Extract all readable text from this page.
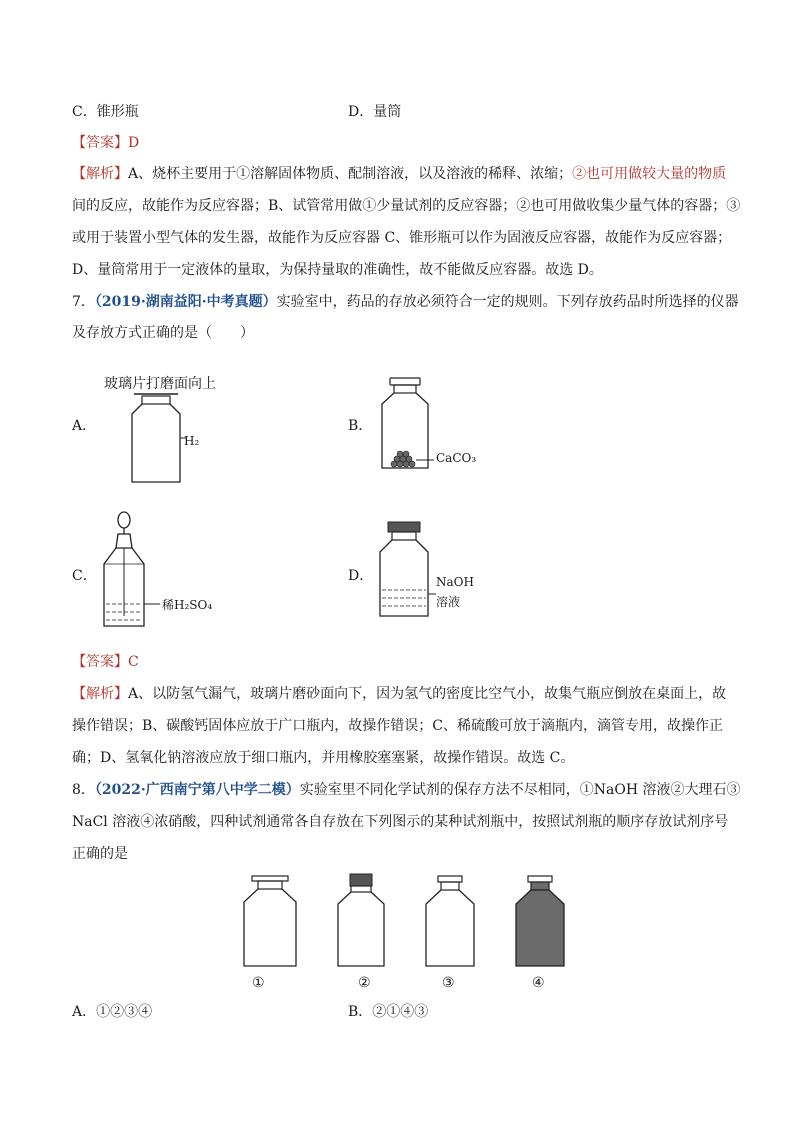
C．锥形瓶	D．量筒
【答案】D
【解析】A、烧杯主要用于①溶解固体物质、配制溶液，以及溶液的稀释、浓缩；②也可用做较大量的物质
间的反应，故能作为反应容器；B、试管常用做①少量试剂的反应容器；②也可用做收集少量气体的容器；③
或用于装置小型气体的发生器，故能作为反应容器 C、锥形瓶可以作为固液反应容器，故能作为反应容器；
D、量筒常用于一定液体的量取，为保持量取的准确性，故不能做反应容器。故选 D。
7．（2019·湖南益阳·中考真题）实验室中，药品的存放必须符合一定的规则。下列存放药品时所选择的仪器
及存放方式正确的是（　　）
玻璃片打磨面向上
A．
H₂
B．
CaCO₃
C．
稀H₂SO₄
D．	NaOH
溶液
【答案】C
【解析】A、以防氢气漏气，玻璃片磨砂面向下，因为氢气的密度比空气小，故集气瓶应倒放在桌面上，故
操作错误；B、碳酸钙固体应放于广口瓶内，故操作错误；C、稀硫酸可放于滴瓶内，滴管专用，故操作正
确；D、氢氧化钠溶液应放于细口瓶内，并用橡胶塞塞紧，故操作错误。故选 C。
8．（2022·广西南宁第八中学二模）实验室里不同化学试剂的保存方法不尽相同，①NaOH 溶液②大理石③
NaCl 溶液④浓硝酸，四种试剂通常各自存放在下列图示的某种试剂瓶中，按照试剂瓶的顺序存放试剂序号
正确的是
①	②	③	④
A．①②③④	B．②①④③
